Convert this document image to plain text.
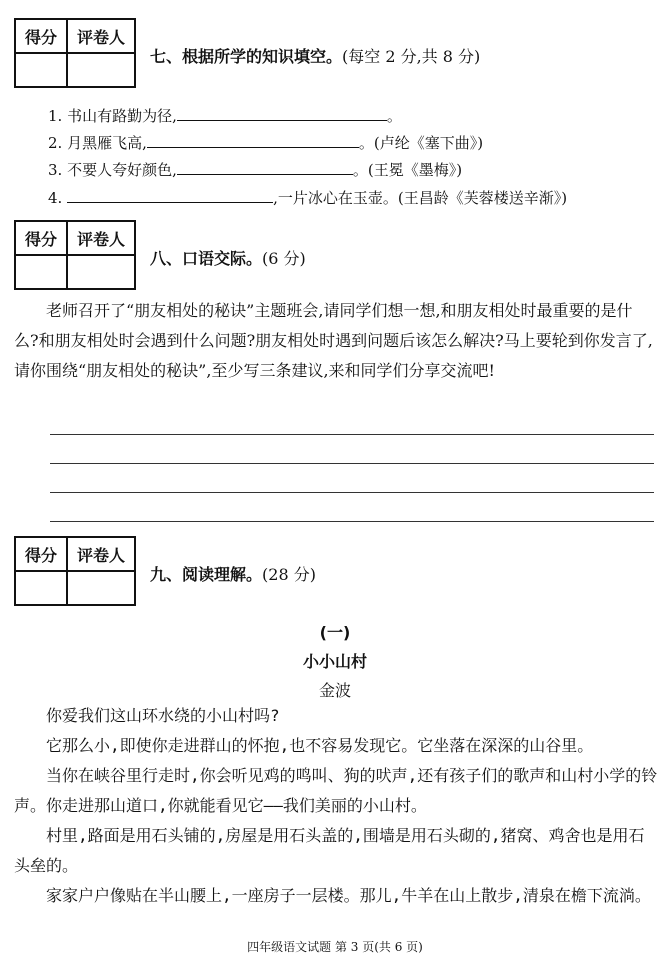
得分	评卷人

七、根据所学的知识填空。(每空 2 分,共 8 分)
1. 书山有路勤为径,	。
2. 月黑雁飞高,	。(卢纶《塞下曲》)
3. 不要人夸好颜色,	。(王冕《墨梅》)
4.	,一片冰心在玉壶。(王昌龄《芙蓉楼送辛渐》)
得分	评卷人

八、口语交际。(6 分)

老师召开了“朋友相处的秘诀”主题班会,请同学们想一想,和朋友相处时最重要的是什么?和朋友相处时会遇到什么问题?朋友相处时遇到问题后该怎么解决?马上要轮到你发言了,请你围绕“朋友相处的秘诀”,至少写三条建议,来和同学们分享交流吧!

得分	评卷人

九、阅读理解。(28 分)
(一)
小小山村
金波

你爱我们这山环水绕的小山村吗?

它那么小,即使你走进群山的怀抱,也不容易发现它。它坐落在深深的山谷里。

当你在峡谷里行走时,你会听见鸡的鸣叫、狗的吠声,还有孩子们的歌声和山村小学的铃声。你走进那山道口,你就能看见它——我们美丽的小山村。

村里,路面是用石头铺的,房屋是用石头盖的,围墙是用石头砌的,猪窝、鸡舍也是用石头垒的。

家家户户像贴在半山腰上,一座房子一层楼。那儿,牛羊在山上散步,清泉在檐下流淌。

四年级语文试题 第 3 页(共 6 页)
